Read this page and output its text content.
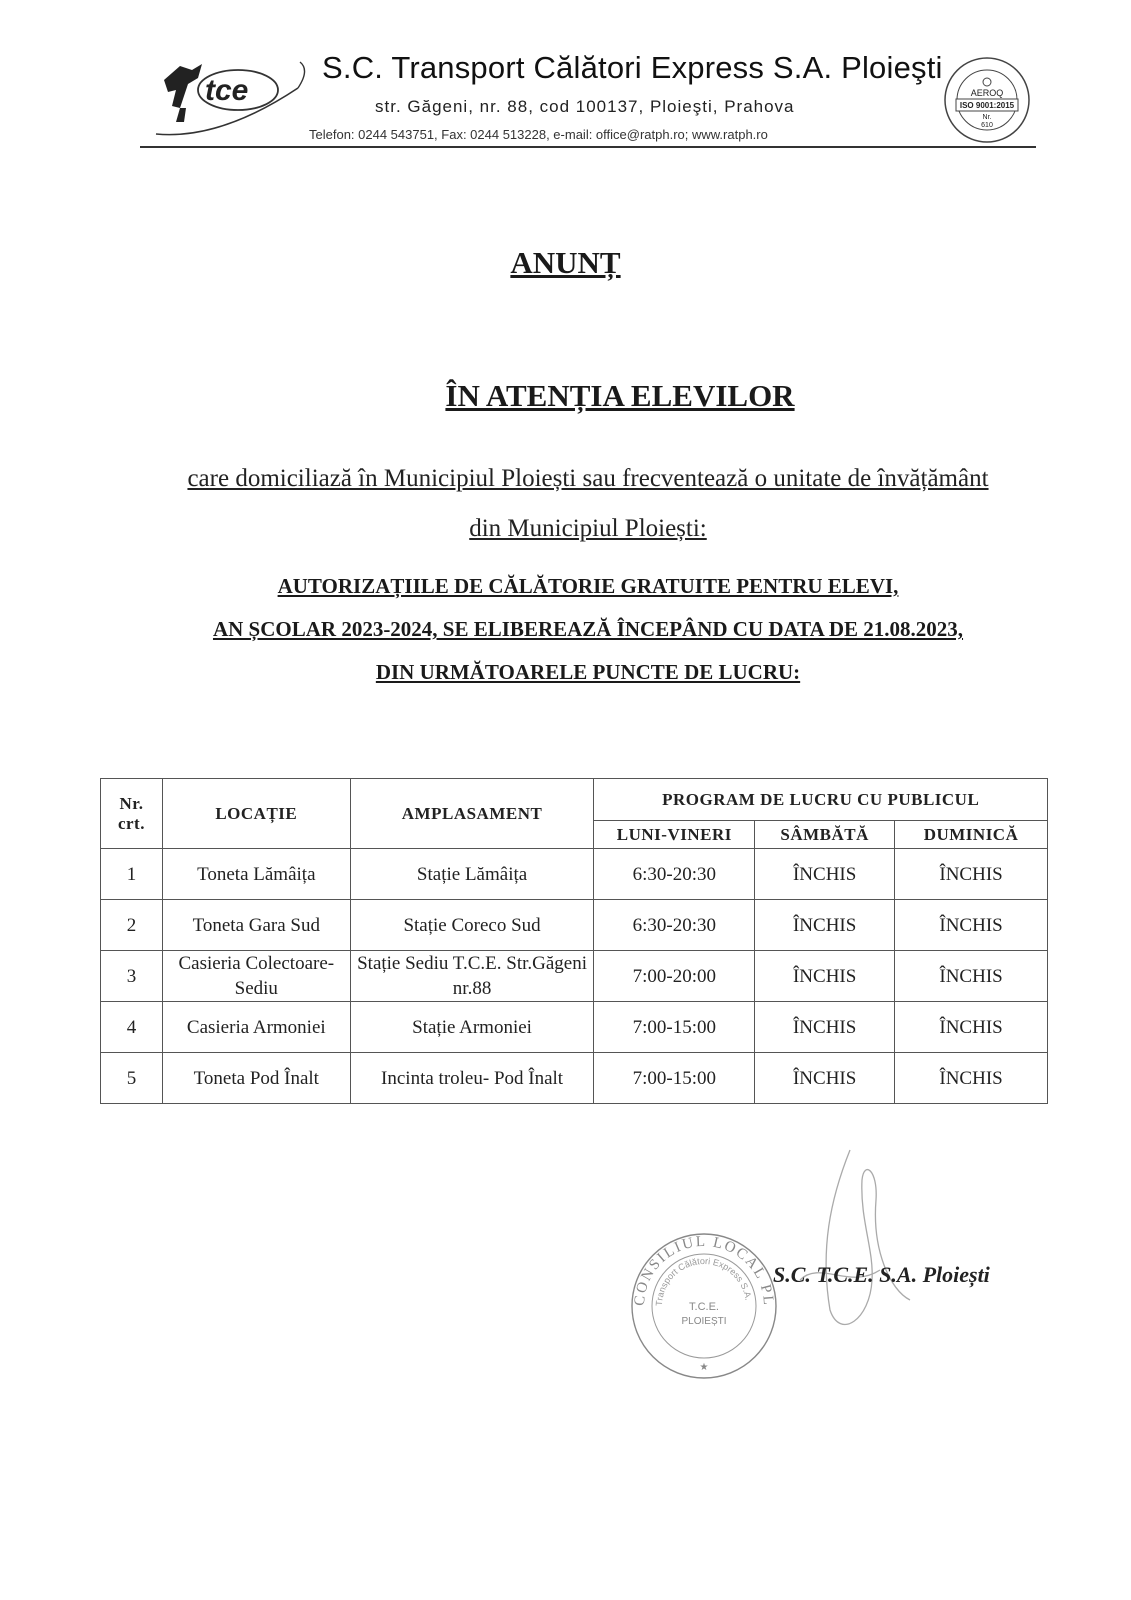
tce
S.C. Transport Călători Express S.A. Ploieşti
str. Găgeni, nr. 88, cod 100137, Ploieşti, Prahova
Telefon: 0244 543751, Fax: 0244 513228, e-mail: office@ratph.ro; www.ratph.ro
AEROQ
ISO 9001:2015
Nr.
610
ANUNȚ
ÎN ATENȚIA ELEVILOR
care domiciliază în Municipiul Ploiești sau frecventează o unitate de învățământ
din Municipiul Ploiești:
AUTORIZAȚIILE DE CĂLĂTORIE GRATUITE PENTRU ELEVI,
AN ȘCOLAR 2023-2024, SE ELIBEREAZĂ ÎNCEPÂND CU DATA DE 21.08.2023,
DIN URMĂTOARELE PUNCTE DE LUCRU:
Nr. crt.	LOCAȚIE	AMPLASAMENT	PROGRAM DE LUCRU CU PUBLICUL		
			LUNI-VINERI	SÂMBĂTĂ	DUMINICĂ
1	Toneta Lămâița	Stație Lămâița	6:30-20:30	ÎNCHIS	ÎNCHIS
2	Toneta Gara Sud	Stație Coreco Sud	6:30-20:30	ÎNCHIS	ÎNCHIS
3	Casieria Colectoare- Sediu	Stație Sediu T.C.E. Str.Găgeni nr.88	7:00-20:00	ÎNCHIS	ÎNCHIS
4	Casieria Armoniei	Stație Armoniei	7:00-15:00	ÎNCHIS	ÎNCHIS
5	Toneta Pod Înalt	Incinta troleu- Pod Înalt	7:00-15:00	ÎNCHIS	ÎNCHIS
CONSILIUL LOCAL PL
Transport Călători Express S.A.
T.C.E.
PLOIEȘTI
★
S.C. T.C.E. S.A. Ploiești
